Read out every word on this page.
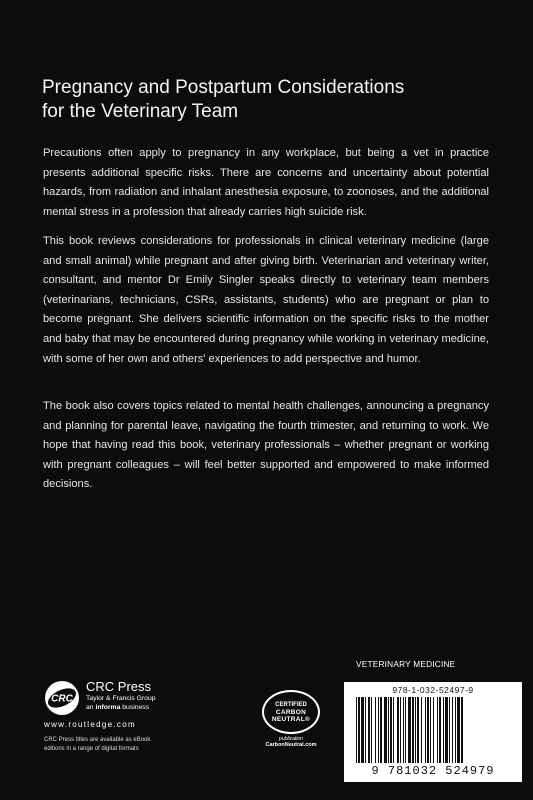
Pregnancy and Postpartum Considerations
for the Veterinary Team

Precautions often apply to pregnancy in any workplace, but being a vet in practice presents additional specific risks. There are concerns and uncertainty about potential hazards, from radiation and inhalant anesthesia exposure, to zoonoses, and the additional mental stress in a profession that already carries high suicide risk.

This book reviews considerations for professionals in clinical veterinary medicine (large and small animal) while pregnant and after giving birth. Veterinarian and veterinary writer, consultant, and mentor Dr Emily Singler speaks directly to veterinary team members (veterinarians, technicians, CSRs, assistants, students) who are pregnant or plan to become pregnant. She delivers scientific information on the specific risks to the mother and baby that may be encountered during pregnancy while working in veterinary medicine, with some of her own and others' experiences to add perspective and humor.

The book also covers topics related to mental health challenges, announcing a pregnancy and planning for parental leave, navigating the fourth trimester, and returning to work. We hope that having read this book, veterinary professionals – whether pregnant or working with pregnant colleagues – will feel better supported and empowered to make informed decisions.

CRC
CRC Press
Taylor & Francis Group
an informa business
www.routledge.com
CRC Press titles are available as eBook editions in a range of digital formats
CERTIFIED
CARBON
NEUTRAL®
publication
CarbonNeutral.com
VETERINARY MEDICINE
978-1-032-52497-9
9 781032 524979
